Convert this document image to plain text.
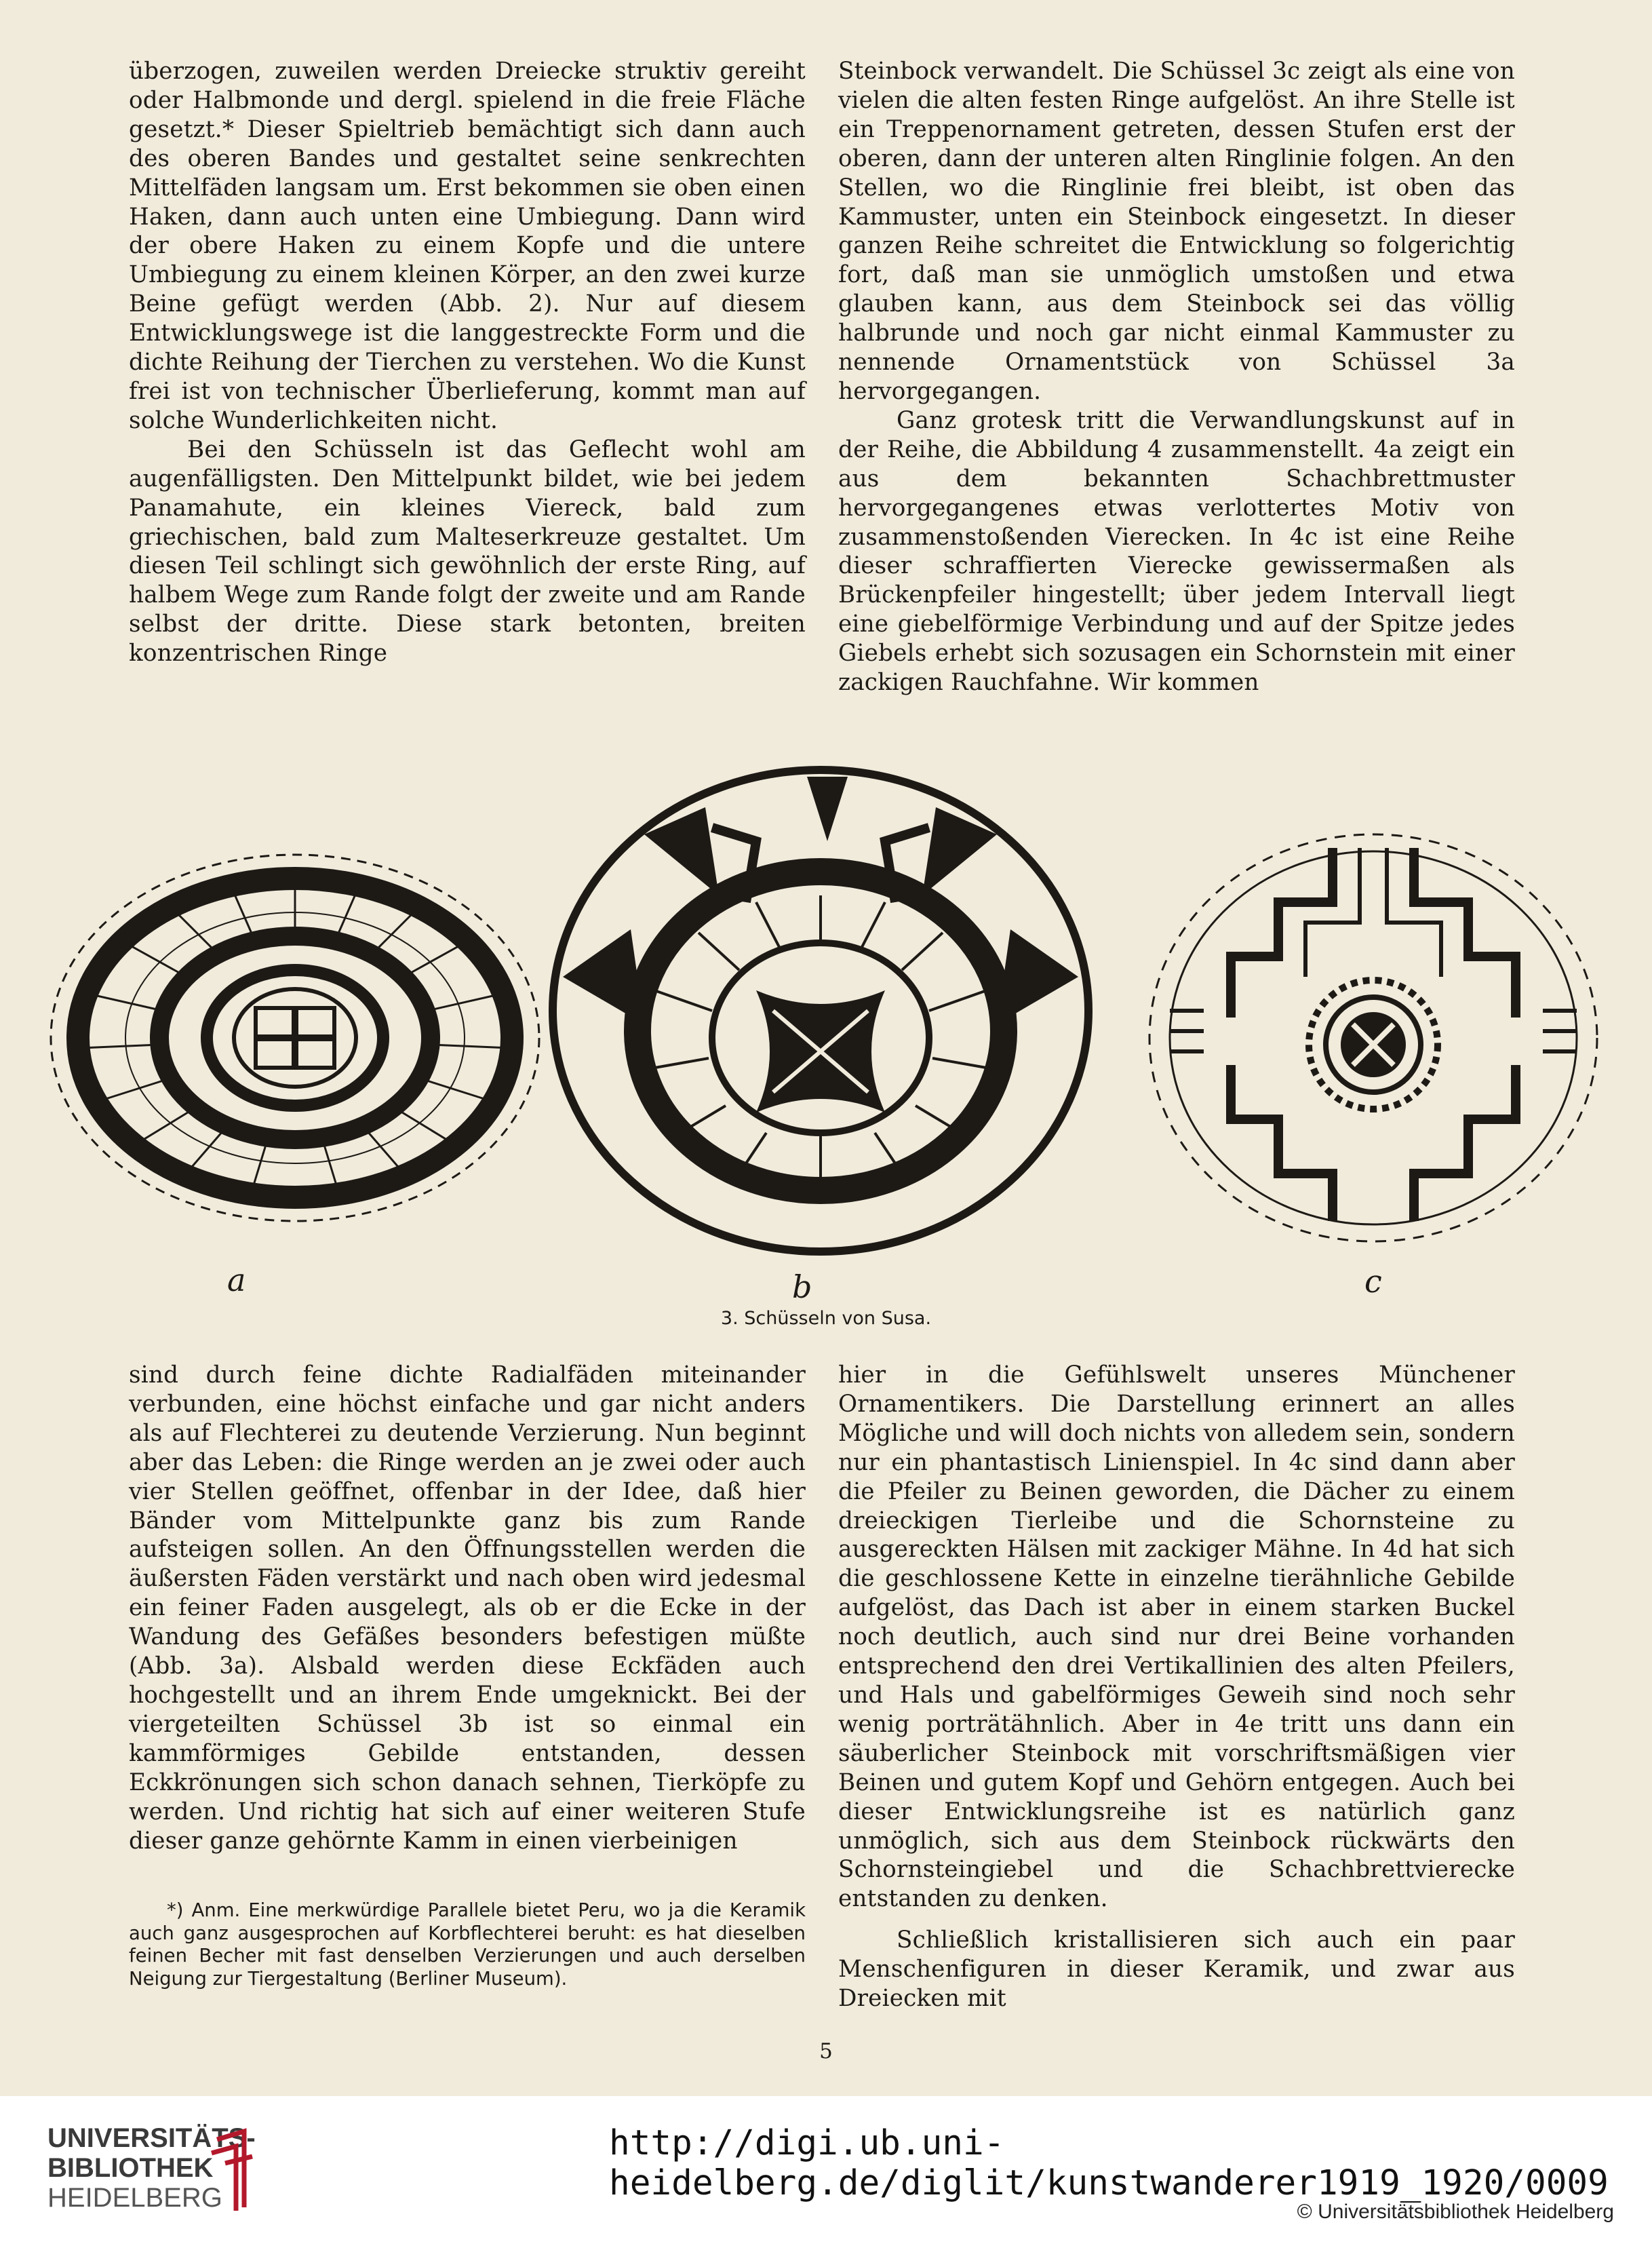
überzogen, zuweilen werden Dreiecke struktiv gereiht oder Halbmonde und dergl. spielend in die freie Fläche gesetzt.* Dieser Spieltrieb bemächtigt sich dann auch des oberen Bandes und gestaltet seine senkrechten Mittelfäden langsam um. Erst bekommen sie oben einen Haken, dann auch unten eine Umbiegung. Dann wird der obere Haken zu einem Kopfe und die untere Umbiegung zu einem kleinen Körper, an den zwei kurze Beine gefügt werden (Abb. 2). Nur auf diesem Entwicklungswege ist die langgestreckte Form und die dichte Reihung der Tierchen zu verstehen. Wo die Kunst frei ist von technischer Überlieferung, kommt man auf solche Wunderlichkeiten nicht.

Bei den Schüsseln ist das Geflecht wohl am augenfälligsten. Den Mittelpunkt bildet, wie bei jedem Panamahute, ein kleines Viereck, bald zum griechischen, bald zum Malteserkreuze gestaltet. Um diesen Teil schlingt sich gewöhnlich der erste Ring, auf halbem Wege zum Rande folgt der zweite und am Rande selbst der dritte. Diese stark betonten, breiten konzentrischen Ringe

Steinbock verwandelt. Die Schüssel 3c zeigt als eine von vielen die alten festen Ringe aufgelöst. An ihre Stelle ist ein Treppenornament getreten, dessen Stufen erst der oberen, dann der unteren alten Ringlinie folgen. An den Stellen, wo die Ringlinie frei bleibt, ist oben das Kammuster, unten ein Steinbock eingesetzt. In dieser ganzen Reihe schreitet die Entwicklung so folgerichtig fort, daß man sie unmöglich umstoßen und etwa glauben kann, aus dem Steinbock sei das völlig halbrunde und noch gar nicht einmal Kammuster zu nennende Ornamentstück von Schüssel 3a hervorgegangen.

Ganz grotesk tritt die Verwandlungskunst auf in der Reihe, die Abbildung 4 zusammenstellt. 4a zeigt ein aus dem bekannten Schachbrettmuster hervorgegangenes etwas verlottertes Motiv von zusammenstoßenden Vierecken. In 4c ist eine Reihe dieser schraffierten Vierecke gewissermaßen als Brückenpfeiler hingestellt; über jedem Intervall liegt eine giebelförmige Verbindung und auf der Spitze jedes Giebels erhebt sich sozusagen ein Schornstein mit einer zackigen Rauchfahne. Wir kommen

a	b	c
3. Schüsseln von Susa.

sind durch feine dichte Radialfäden miteinander verbunden, eine höchst einfache und gar nicht anders als auf Flechterei zu deutende Verzierung. Nun beginnt aber das Leben: die Ringe werden an je zwei oder auch vier Stellen geöffnet, offenbar in der Idee, daß hier Bänder vom Mittelpunkte ganz bis zum Rande aufsteigen sollen. An den Öffnungsstellen werden die äußersten Fäden verstärkt und nach oben wird jedesmal ein feiner Faden ausgelegt, als ob er die Ecke in der Wandung des Gefäßes besonders befestigen müßte (Abb. 3a). Alsbald werden diese Eckfäden auch hochgestellt und an ihrem Ende umgeknickt. Bei der viergeteilten Schüssel 3b ist so einmal ein kammförmiges Gebilde entstanden, dessen Eckkrönungen sich schon danach sehnen, Tierköpfe zu werden. Und richtig hat sich auf einer weiteren Stufe dieser ganze gehörnte Kamm in einen vierbeinigen

*) Anm. Eine merkwürdige Parallele bietet Peru, wo ja die Keramik auch ganz ausgesprochen auf Korbflechterei beruht: es hat dieselben feinen Becher mit fast denselben Verzierungen und auch derselben Neigung zur Tiergestaltung (Berliner Museum).

hier in die Gefühlswelt unseres Münchener Ornamentikers. Die Darstellung erinnert an alles Mögliche und will doch nichts von alledem sein, sondern nur ein phantastisch Linienspiel. In 4c sind dann aber die Pfeiler zu Beinen geworden, die Dächer zu einem dreieckigen Tierleibe und die Schornsteine zu ausgereckten Hälsen mit zackiger Mähne. In 4d hat sich die geschlossene Kette in einzelne tierähnliche Gebilde aufgelöst, das Dach ist aber in einem starken Buckel noch deutlich, auch sind nur drei Beine vorhanden entsprechend den drei Vertikallinien des alten Pfeilers, und Hals und gabelförmiges Geweih sind noch sehr wenig porträtähnlich. Aber in 4e tritt uns dann ein säuberlicher Steinbock mit vorschriftsmäßigen vier Beinen und gutem Kopf und Gehörn entgegen. Auch bei dieser Entwicklungsreihe ist es natürlich ganz unmöglich, sich aus dem Steinbock rückwärts den Schornsteingiebel und die Schachbrettvierecke entstanden zu denken.

Schließlich kristallisieren sich auch ein paar Menschenfiguren in dieser Keramik, und zwar aus Dreiecken mit

5
UNIVERSITÄTS-
BIBLIOTHEK
HEIDELBERG
http://digi.ub.uni-heidelberg.de/diglit/kunstwanderer1919_1920/0009
© Universitätsbibliothek Heidelberg
